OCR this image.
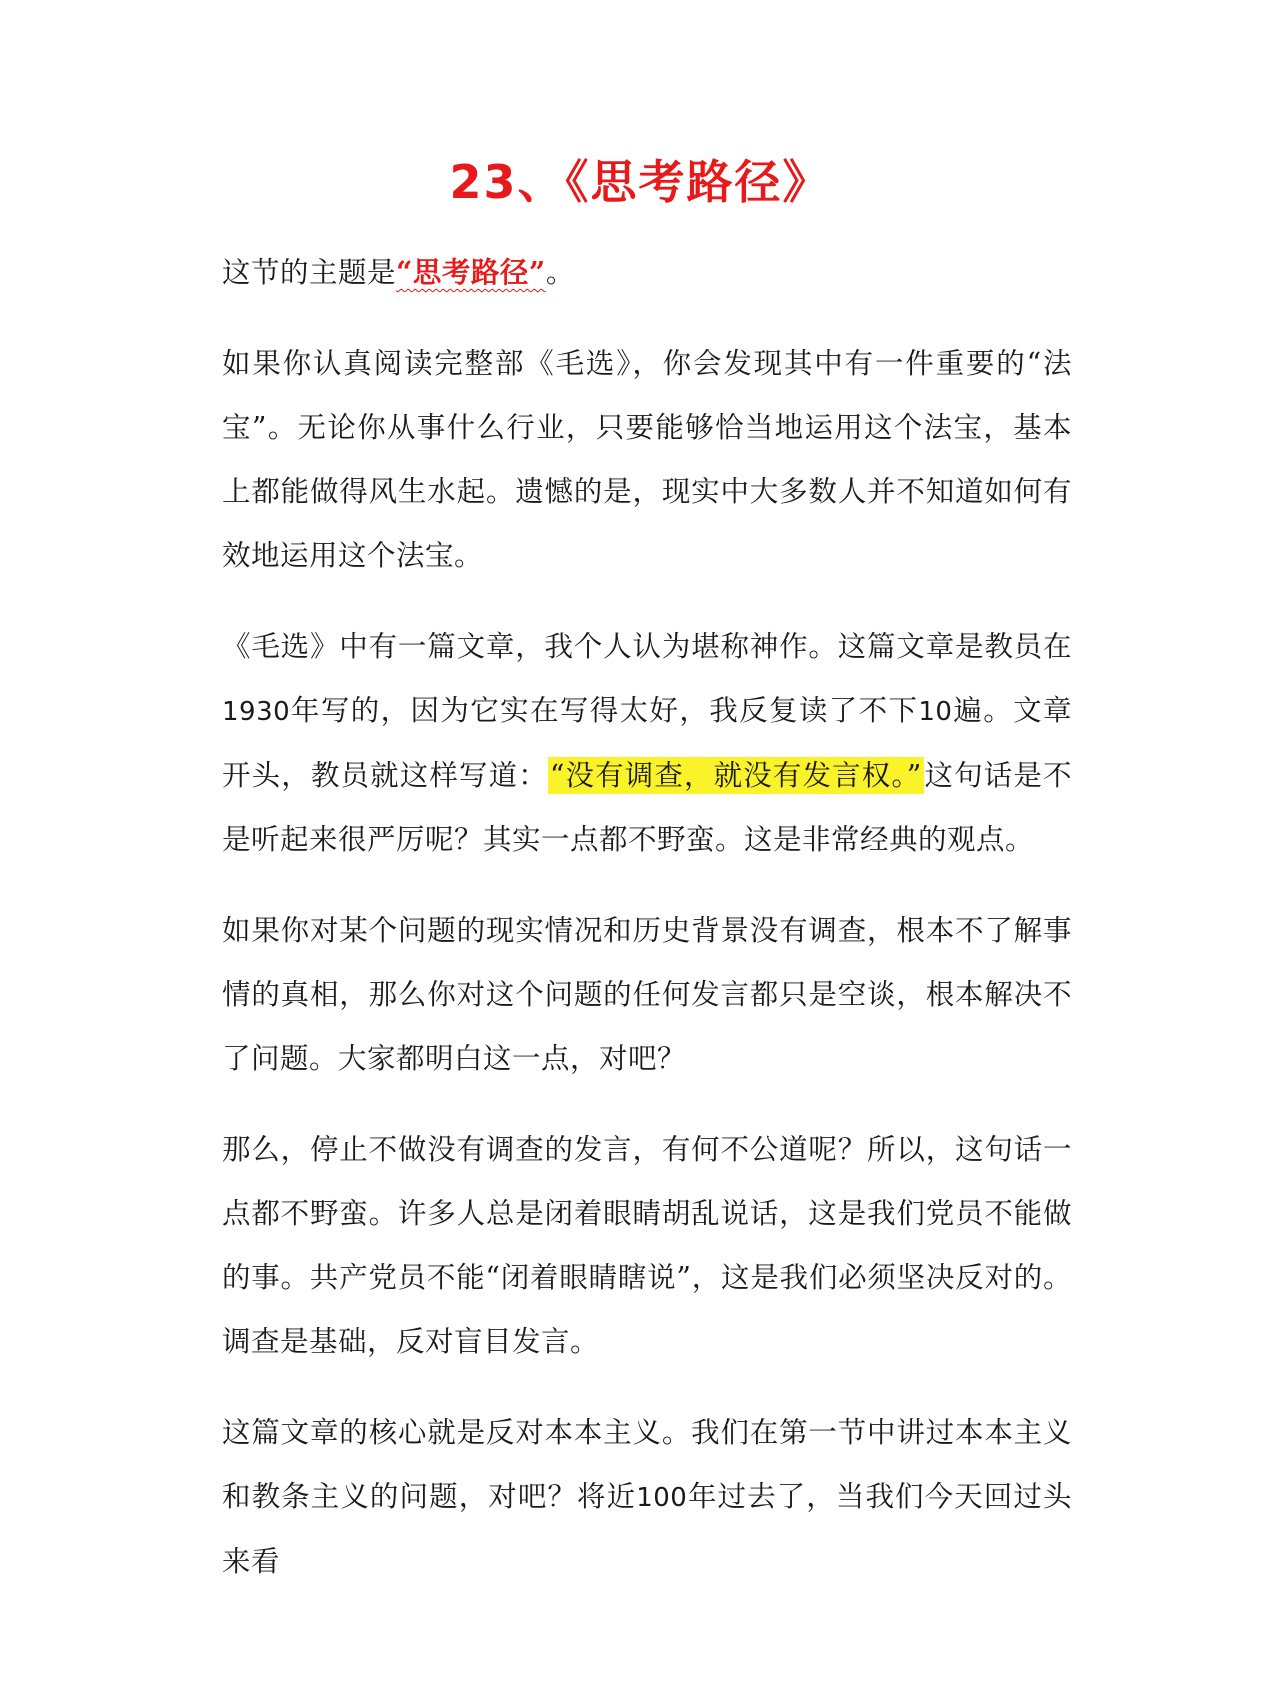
23、《思考路径》

这节的主题是“思考路径”。

如果你认真阅读完整部《毛选》，你会发现其中有一件重要的“法宝”。无论你从事什么行业，只要能够恰当地运用这个法宝，基本上都能做得风生水起。遗憾的是，现实中大多数人并不知道如何有效地运用这个法宝。

《毛选》中有一篇文章，我个人认为堪称神作。这篇文章是教员在1930年写的，因为它实在写得太好，我反复读了不下10遍。文章开头，教员就这样写道：“没有调查，就没有发言权。”这句话是不是听起来很严厉呢？其实一点都不野蛮。这是非常经典的观点。

如果你对某个问题的现实情况和历史背景没有调查，根本不了解事情的真相，那么你对这个问题的任何发言都只是空谈，根本解决不了问题。大家都明白这一点，对吧？

那么，停止不做没有调查的发言，有何不公道呢？所以，这句话一点都不野蛮。许多人总是闭着眼睛胡乱说话，这是我们党员不能做的事。共产党员不能“闭着眼睛瞎说”，这是我们必须坚决反对的。调查是基础，反对盲目发言。

这篇文章的核心就是反对本本主义。我们在第一节中讲过本本主义和教条主义的问题，对吧？将近100年过去了，当我们今天回过头来看
